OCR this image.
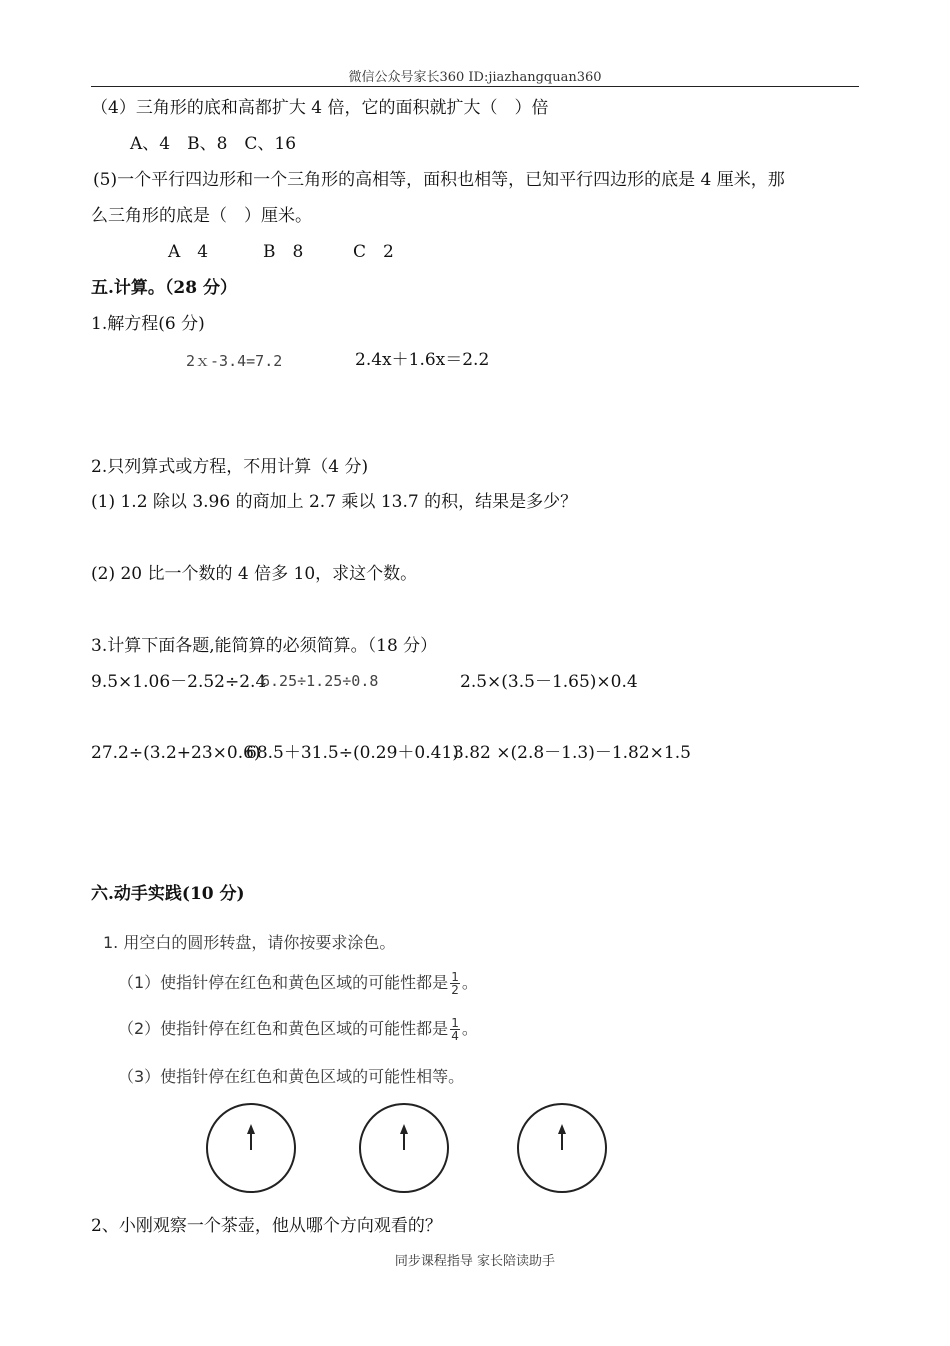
微信公众号家长360 ID:jiazhangquan360
（4）三角形的底和高都扩大 4 倍，它的面积就扩大（　）倍
A、4　B、8　C、16
(5)一个平行四边形和一个三角形的高相等，面积也相等，已知平行四边形的底是 4 厘米，那
么三角形的底是（　）厘米。
A　4	B　8	C　2
五.计算。（28 分）
1.解方程(6 分)
2ｘ-3.4=7.2	2.4x＋1.6x＝2.2
2.只列算式或方程，不用计算（4 分)
(1) 1.2 除以 3.96 的商加上 2.7 乘以 13.7 的积，结果是多少？
(2) 20 比一个数的 4 倍多 10，求这个数。
3.计算下面各题,能简算的必须简算。（18 分）
9.5×1.06－2.52÷2.4
6.25÷1.25÷0.8	2.5×(3.5－1.65)×0.4
27.2÷(3.2+23×0.6)
68.5＋31.5÷(0.29＋0.41)
3.82 ×(2.8－1.3)－1.82×1.5
六.动手实践(10 分)
1. 用空白的圆形转盘，请你按要求涂色。
（1）使指针停在红色和黄色区域的可能性都是 $\frac{1}{2}$ 。
（2）使指针停在红色和黄色区域的可能性都是 $\frac{1}{4}$ 。
（3）使指针停在红色和黄色区域的可能性相等。
2、小刚观察一个茶壶，他从哪个方向观看的？
同步课程指导 家长陪读助手
